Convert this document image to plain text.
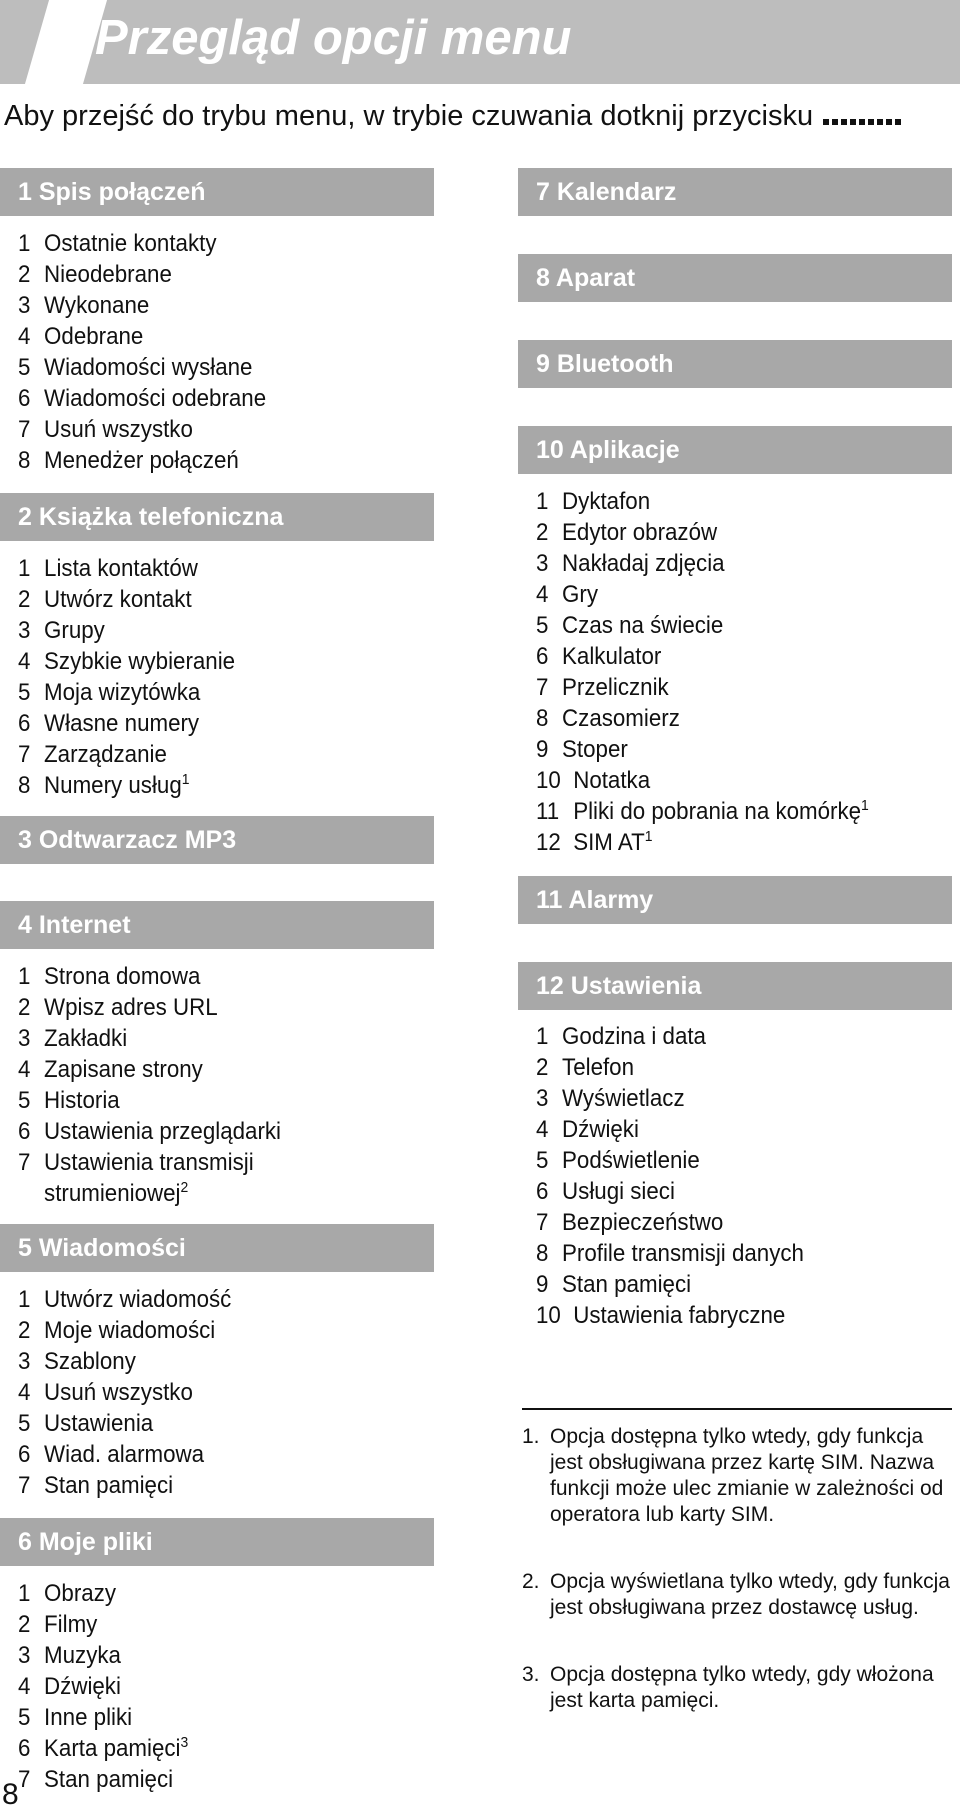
Przegląd opcji menu
Aby przejść do trybu menu, w trybie czuwania dotknij przycisku .
1 Spis połączeń
1 Ostatnie kontakty
2 Nieodebrane
3 Wykonane
4 Odebrane
5 Wiadomości wysłane
6 Wiadomości odebrane
7 Usuń wszystko
8 Menedżer połączeń
2 Książka telefoniczna
1 Lista kontaktów
2 Utwórz kontakt
3 Grupy
4 Szybkie wybieranie
5 Moja wizytówka
6 Własne numery
7 Zarządzanie
8 Numery usług$^1$
3 Odtwarzacz MP3
4 Internet
1 Strona domowa
2 Wpisz adres URL
3 Zakładki
4 Zapisane strony
5 Historia
6 Ustawienia przeglądarki
7 Ustawienia transmisji
strumieniowej$^2$
5 Wiadomości
1 Utwórz wiadomość
2 Moje wiadomości
3 Szablony
4 Usuń wszystko
5 Ustawienia
6 Wiad. alarmowa
7 Stan pamięci
6 Moje pliki
1 Obrazy
2 Filmy
3 Muzyka
4 Dźwięki
5 Inne pliki
6 Karta pamięci$^3$
7 Stan pamięci
7 Kalendarz
8 Aparat
9 Bluetooth
10 Aplikacje
1 Dyktafon
2 Edytor obrazów
3 Nakładaj zdjęcia
4 Gry
5 Czas na świecie
6 Kalkulator
7 Przelicznik
8 Czasomierz
9 Stoper
10 Notatka
11 Pliki do pobrania na komórkę$^1$
12 SIM $AT^1$
11 Alarmy
12 Ustawienia
1 Godzina i data
2 Telefon
3 Wyświetlacz
4 Dźwięki
5 Podświetlenie
6 Usługi sieci
7 Bezpieczeństwo
8 Profile transmisji danych
9 Stan pamięci
10 Ustawienia fabryczne
1. Opcja dostępna tylko wtedy, gdy funkcja jest obsługiwana przez kartę SIM. Nazwa funkcji może ulec zmianie w zależności od operatora lub karty SIM.
2. Opcja wyświetlana tylko wtedy, gdy funkcja jest obsługiwana przez dostawcę usług.
3. Opcja dostępna tylko wtedy, gdy włożona jest karta pamięci.
8
